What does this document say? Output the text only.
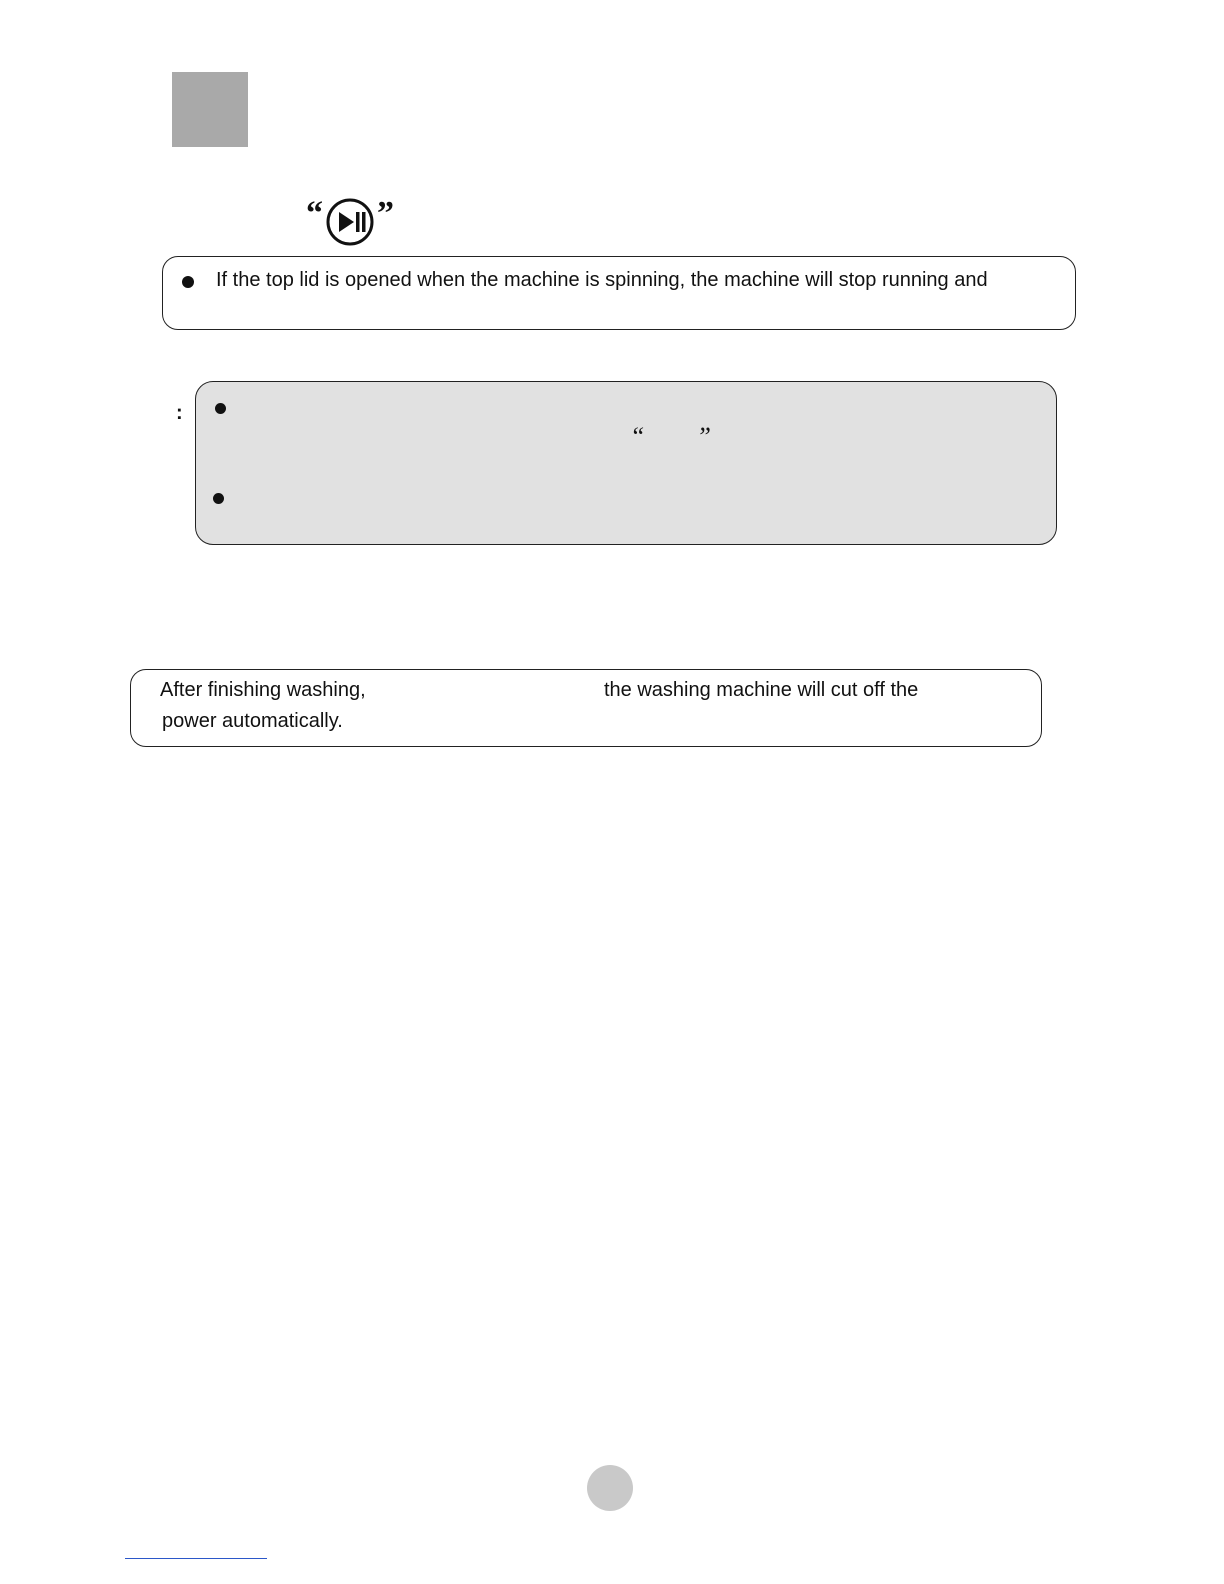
“ ”
If the top lid is opened when the machine is spinning, the machine will stop running and
:
“        ”
After finishing washing,	the washing machine will cut off the
power automatically.
